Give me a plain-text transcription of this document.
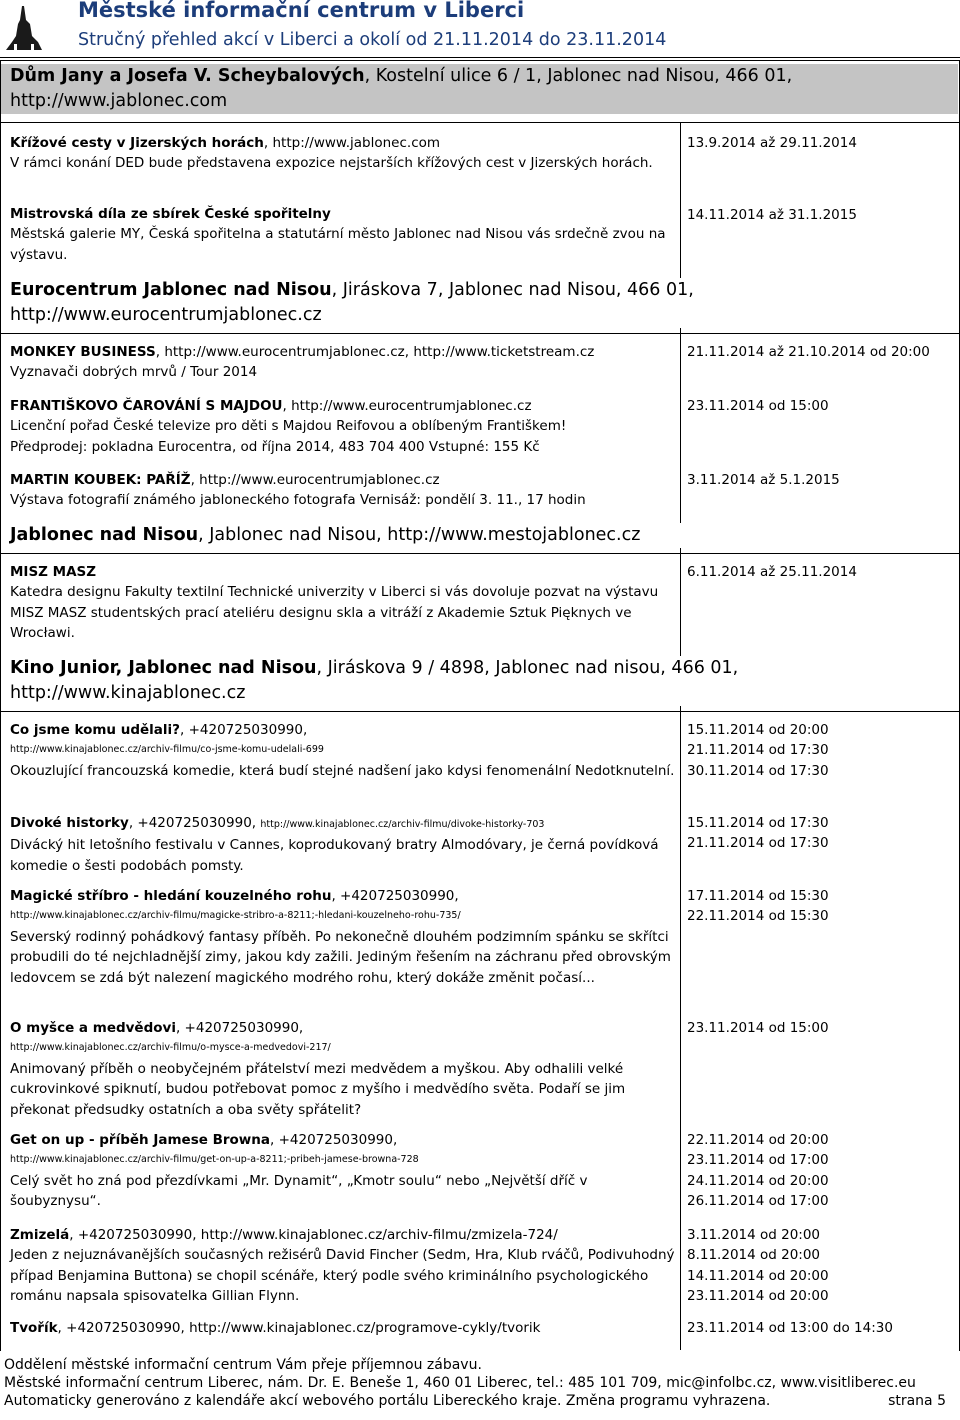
Městské informační centrum v Liberci
Stručný přehled akcí v Liberci a okolí od 21.11.2014 do 23.11.2014
Dům Jany a Josefa V. Scheybalových, Kostelní ulice 6 / 1, Jablonec nad Nisou, 466 01,
http://www.jablonec.com
Křížové cesty v Jizerských horách, http://www.jablonec.com
V rámci konání DED bude představena expozice nejstarších křížových cest v Jizerských horách.
13.9.2014 až 29.11.2014
Mistrovská díla ze sbírek České spořitelny
Městská galerie MY, Česká spořitelna a statutární město Jablonec nad Nisou vás srdečně zvou na výstavu.
14.11.2014 až 31.1.2015
Eurocentrum Jablonec nad Nisou, Jiráskova 7, Jablonec nad Nisou, 466 01,
http://www.eurocentrumjablonec.cz
MONKEY BUSINESS, http://www.eurocentrumjablonec.cz, http://www.ticketstream.cz
Vyznavači dobrých mrvů / Tour 2014
21.11.2014 až 21.10.2014 od 20:00
FRANTIŠKOVO ČAROVÁNÍ S MAJDOU, http://www.eurocentrumjablonec.cz
Licenční pořad České televize pro děti s Majdou Reifovou a oblíbeným Františkem!
Předprodej: pokladna Eurocentra, od října 2014, 483 704 400 Vstupné: 155 Kč
23.11.2014 od 15:00
MARTIN KOUBEK: PAŘÍŽ, http://www.eurocentrumjablonec.cz
Výstava fotografií známého jabloneckého fotografa Vernisáž: pondělí 3. 11., 17 hodin
3.11.2014 až 5.1.2015
Jablonec nad Nisou, Jablonec nad Nisou, http://www.mestojablonec.cz
MISZ MASZ
Katedra designu Fakulty textilní Technické univerzity v Liberci si vás dovoluje pozvat na výstavu MISZ MASZ studentských prací ateliéru designu skla a vitráží z Akademie Sztuk Pięknych ve Wrocławi.
6.11.2014 až 25.11.2014
Kino Junior, Jablonec nad Nisou, Jiráskova 9 / 4898, Jablonec nad nisou, 466 01,
http://www.kinajablonec.cz
Co jsme komu udělali?, +420725030990,
http://www.kinajablonec.cz/archiv-filmu/co-jsme-komu-udelali-699
Okouzlující francouzská komedie, která budí stejné nadšení jako kdysi fenomenální Nedotknutelní.
15.11.2014 od 20:00
21.11.2014 od 17:30
30.11.2014 od 17:30
Divoké historky, +420725030990, http://www.kinajablonec.cz/archiv-filmu/divoke-historky-703
Divácký hit letošního festivalu v Cannes, koprodukovaný bratry Almodóvary, je černá povídková komedie o šesti podobách pomsty.
15.11.2014 od 17:30
21.11.2014 od 17:30
Magické stříbro - hledání kouzelného rohu, +420725030990,
http://www.kinajablonec.cz/archiv-filmu/magicke-stribro-a-8211;-hledani-kouzelneho-rohu-735/
Severský rodinný pohádkový fantasy příběh. Po nekonečně dlouhém podzimním spánku se skřítci probudili do té nejchladnější zimy, jakou kdy zažili. Jediným řešením na záchranu před obrovským ledovcem se zdá být nalezení magického modrého rohu, který dokáže změnit počasí...
17.11.2014 od 15:30
22.11.2014 od 15:30
O myšce a medvědovi, +420725030990,
http://www.kinajablonec.cz/archiv-filmu/o-mysce-a-medvedovi-217/
Animovaný příběh o neobyčejném přátelství mezi medvědem a myškou. Aby odhalili velké cukrovinkové spiknutí, budou potřebovat pomoc z myšího i medvědího světa. Podaří se jim překonat předsudky ostatních a oba světy spřátelit?
23.11.2014 od 15:00
Get on up - příběh Jamese Browna, +420725030990,
http://www.kinajablonec.cz/archiv-filmu/get-on-up-a-8211;-pribeh-jamese-browna-728
Celý svět ho zná pod přezdívkami „Mr. Dynamit“, „Kmotr soulu“ nebo „Největší dříč v šoubyznysu“.
22.11.2014 od 20:00
23.11.2014 od 17:00
24.11.2014 od 20:00
26.11.2014 od 17:00
Zmizelá, +420725030990, http://www.kinajablonec.cz/archiv-filmu/zmizela-724/
Jeden z nejuznávanějších současných režisérů David Fincher (Sedm, Hra, Klub rváčů, Podivuhodný případ Benjamina Buttona) se chopil scénáře, který podle svého kriminálního psychologického románu napsala spisovatelka Gillian Flynn.
3.11.2014 od 20:00
8.11.2014 od 20:00
14.11.2014 od 20:00
23.11.2014 od 20:00
Tvořík, +420725030990, http://www.kinajablonec.cz/programove-cykly/tvorik	23.11.2014 od 13:00 do 14:30
Oddělení městské informační centrum Vám přeje příjemnou zábavu.
Městské informační centrum Liberec, nám. Dr. E. Beneše 1, 460 01 Liberec, tel.: 485 101 709, mic@infolbc.cz, www.visitliberec.eu
Automaticky generováno z kalendáře akcí webového portálu Libereckého kraje. Změna programu vyhrazena.	strana 5
